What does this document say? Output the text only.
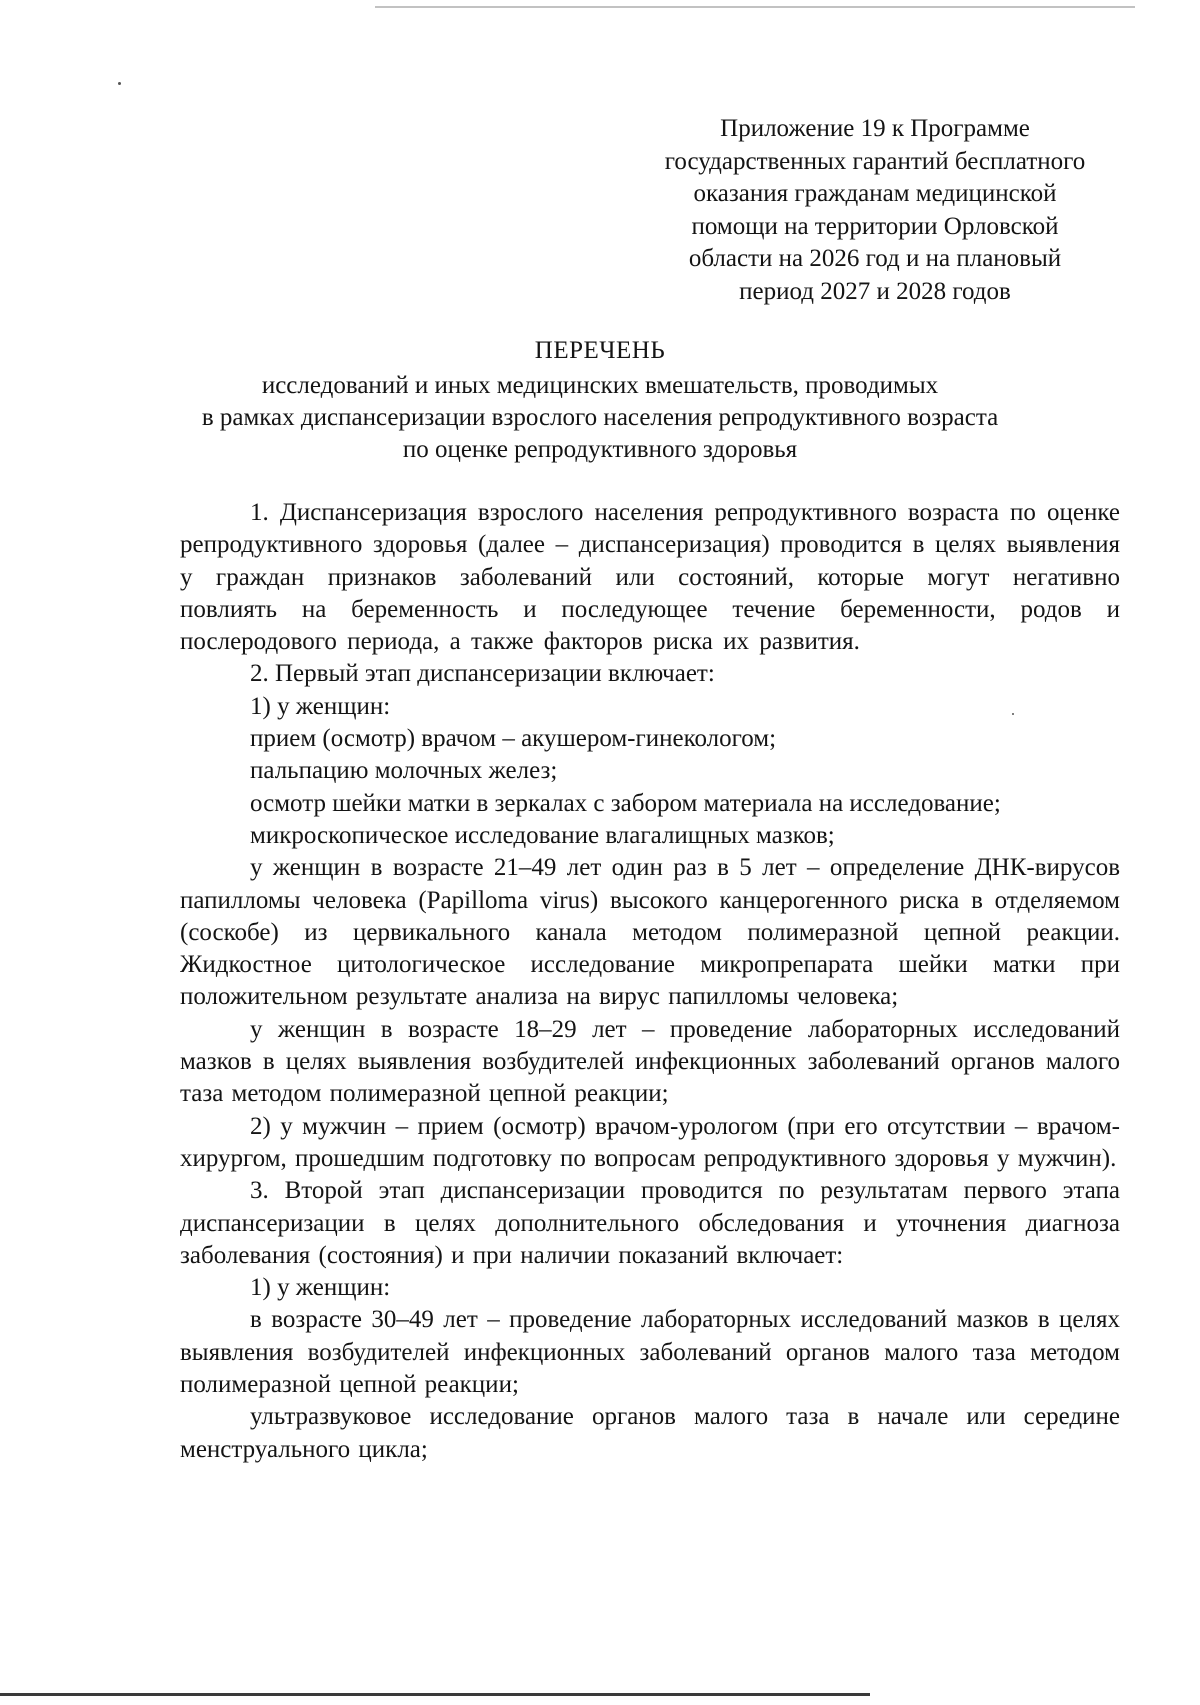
Приложение 19 к Программе
государственных гарантий бесплатного
оказания гражданам медицинской
помощи на территории Орловской
области на 2026 год и на плановый
период 2027 и 2028 годов
ПЕРЕЧЕНЬ
исследований и иных медицинских вмешательств, проводимых
в рамках диспансеризации взрослого населения репродуктивного возраста
по оценке репродуктивного здоровья

1. Диспансеризация взрослого населения репродуктивного возраста по оценке репродуктивного здоровья (далее – диспансеризация) проводится в целях выявления у граждан признаков заболеваний или состояний, которые могут негативно повлиять на беременность и последующее течение беременности, родов и послеродового периода, а также факторов риска их развития.

2. Первый этап диспансеризации включает:

1) у женщин:

прием (осмотр) врачом – акушером-гинекологом;

пальпацию молочных желез;

осмотр шейки матки в зеркалах с забором материала на исследование;

микроскопическое исследование влагалищных мазков;

у женщин в возрасте 21–49 лет один раз в 5 лет – определение ДНК-вирусов папилломы человека (Papilloma virus) высокого канцерогенного риска в отделяемом (соскобе) из цервикального канала методом полимеразной цепной реакции. Жидкостное цитологическое исследование микропрепарата шейки матки при положительном результате анализа на вирус папилломы человека;

у женщин в возрасте 18–29 лет – проведение лабораторных исследований мазков в целях выявления возбудителей инфекционных заболеваний органов малого таза методом полимеразной цепной реакции;

2) у мужчин – прием (осмотр) врачом-урологом (при его отсутствии – врачом-хирургом, прошедшим подготовку по вопросам репродуктивного здоровья у мужчин).

3. Второй этап диспансеризации проводится по результатам первого этапа диспансеризации в целях дополнительного обследования и уточнения диагноза заболевания (состояния) и при наличии показаний включает:

1) у женщин:

в возрасте 30–49 лет – проведение лабораторных исследований мазков в целях выявления возбудителей инфекционных заболеваний органов малого таза методом полимеразной цепной реакции;

ультразвуковое исследование органов малого таза в начале или середине менструального цикла;
